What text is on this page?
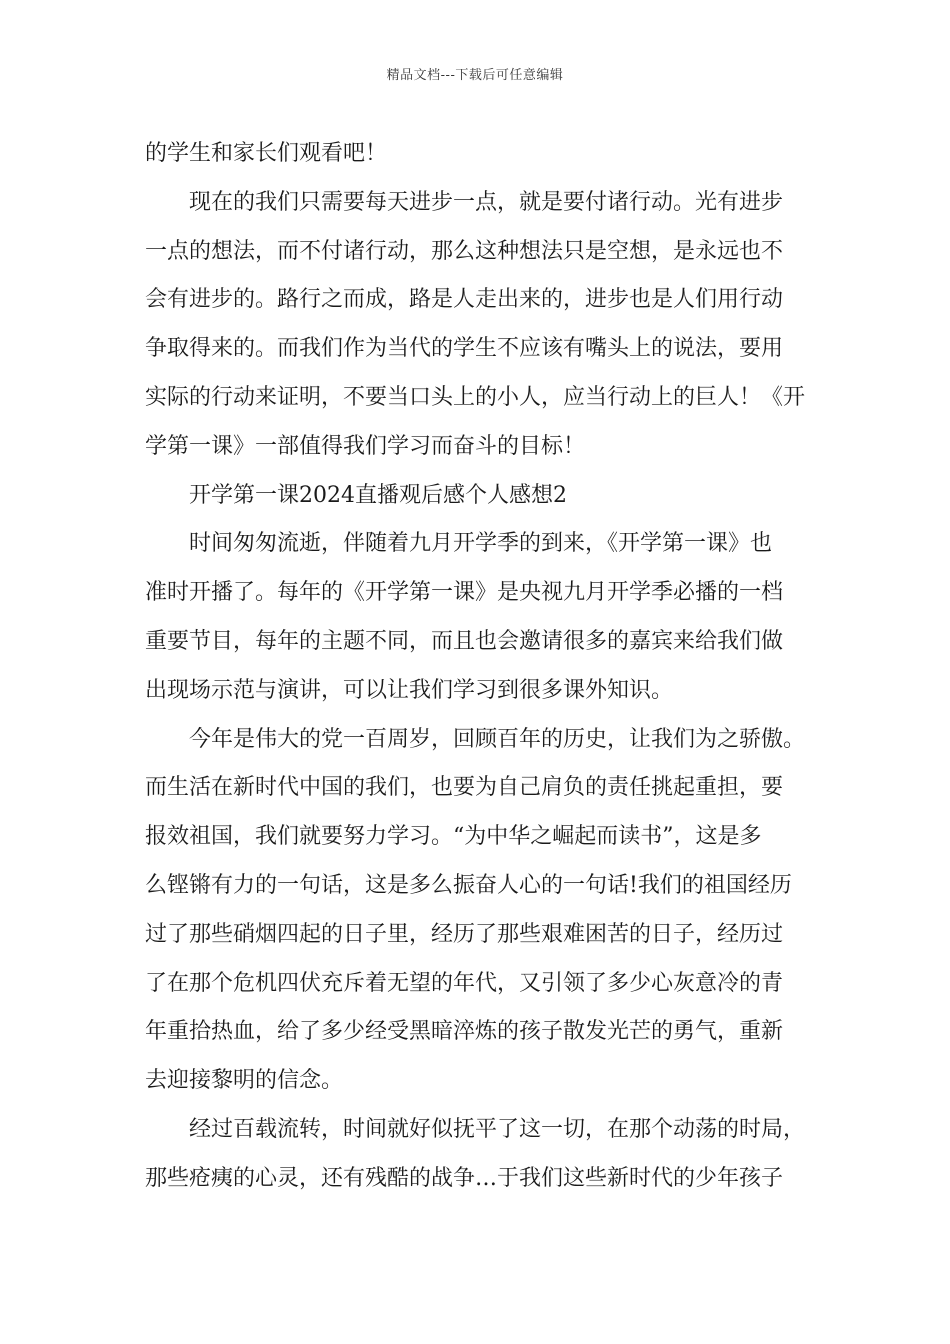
精品文档---下载后可任意编辑
的学生和家长们观看吧！
现在的我们只需要每天进步一点，就是要付诸行动。光有进步
一点的想法，而不付诸行动，那么这种想法只是空想，是永远也不
会有进步的。路行之而成，路是人走出来的，进步也是人们用行动
争取得来的。而我们作为当代的学生不应该有嘴头上的说法，要用
实际的行动来证明，不要当口头上的小人，应当行动上的巨人！《开
学第一课》一部值得我们学习而奋斗的目标！
开学第一课2024直播观后感个人感想2
时间匆匆流逝，伴随着九月开学季的到来，《开学第一课》也
准时开播了。每年的《开学第一课》是央视九月开学季必播的一档
重要节目，每年的主题不同，而且也会邀请很多的嘉宾来给我们做
出现场示范与演讲，可以让我们学习到很多课外知识。
今年是伟大的党一百周岁，回顾百年的历史，让我们为之骄傲。
而生活在新时代中国的我们，也要为自己肩负的责任挑起重担，要
报效祖国，我们就要努力学习。“为中华之崛起而读书”，这是多
么铿锵有力的一句话，这是多么振奋人心的一句话!我们的祖国经历
过了那些硝烟四起的日子里，经历了那些艰难困苦的日子，经历过
了在那个危机四伏充斥着无望的年代，又引领了多少心灰意冷的青
年重拾热血，给了多少经受黑暗淬炼的孩子散发光芒的勇气，重新
去迎接黎明的信念。
经过百载流转，时间就好似抚平了这一切，在那个动荡的时局，
那些疮痍的心灵，还有残酷的战争…于我们这些新时代的少年孩子
